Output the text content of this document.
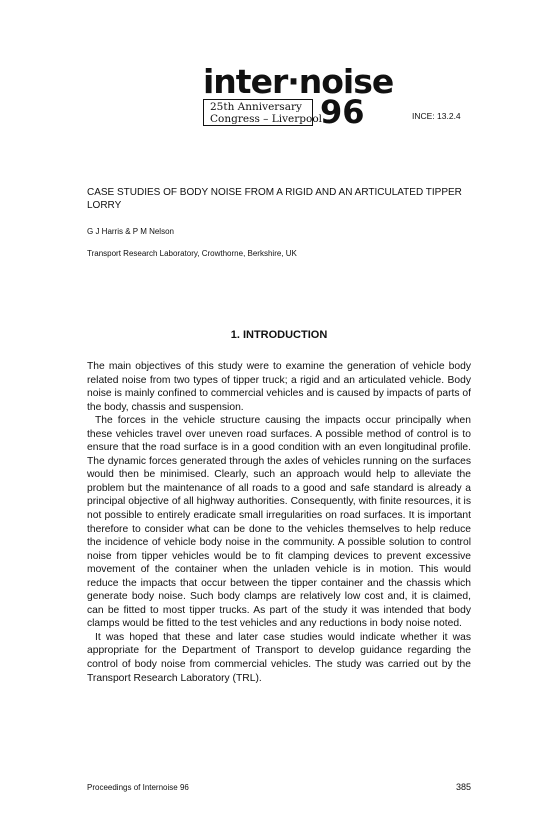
inter·noise
25th Anniversary
Congress – Liverpool
96	INCE: 13.2.4
CASE STUDIES OF BODY NOISE FROM A RIGID AND AN ARTICULATED TIPPER LORRY
G J Harris & P M Nelson
Transport Research Laboratory, Crowthorne, Berkshire, UK
1. INTRODUCTION

The main objectives of this study were to examine the generation of vehicle body related noise from two types of tipper truck; a rigid and an articulated vehicle. Body noise is mainly confined to commercial vehicles and is caused by impacts of parts of the body, chassis and suspension.

The forces in the vehicle structure causing the impacts occur principally when these vehicles travel over uneven road surfaces. A possible method of control is to ensure that the road surface is in a good condition with an even longitudinal profile. The dynamic forces generated through the axles of vehicles running on the surfaces would then be minimised. Clearly, such an approach would help to alleviate the problem but the maintenance of all roads to a good and safe standard is already a principal objective of all highway authorities. Consequently, with finite resources, it is not possible to entirely eradicate small irregularities on road surfaces. It is important therefore to consider what can be done to the vehicles themselves to help reduce the incidence of vehicle body noise in the community. A possible solution to control noise from tipper vehicles would be to fit clamping devices to prevent excessive movement of the container when the unladen vehicle is in motion. This would reduce the impacts that occur between the tipper container and the chassis which generate body noise. Such body clamps are relatively low cost and, it is claimed, can be fitted to most tipper trucks. As part of the study it was intended that body clamps would be fitted to the test vehicles and any reductions in body noise noted.

It was hoped that these and later case studies would indicate whether it was appropriate for the Department of Transport to develop guidance regarding the control of body noise from commercial vehicles. The study was carried out by the Transport Research Laboratory (TRL).

Proceedings of Internoise 96	385
